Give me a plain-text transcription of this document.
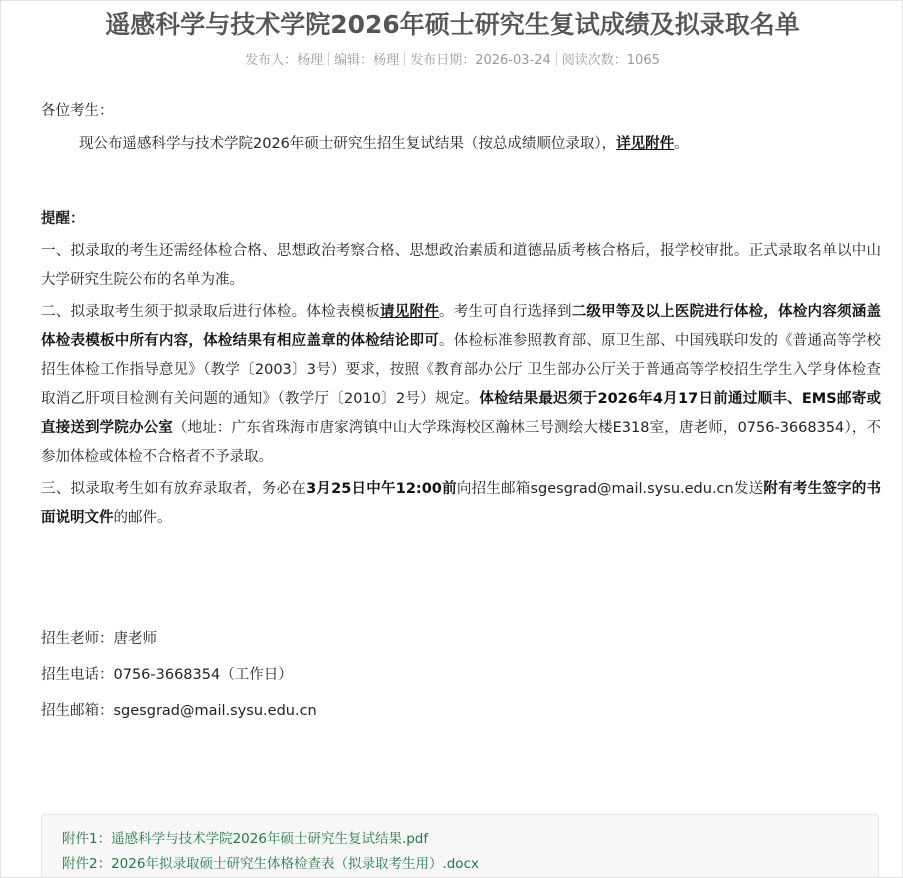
遥感科学与技术学院2026年硕士研究生复试成绩及拟录取名单
发布人：杨理 编辑：杨理 发布日期：2026-03-24 阅读次数：1065

各位考生：

现公布遥感科学与技术学院2026年硕士研究生招生复试结果（按总成绩顺位录取），详见附件。

提醒：

一、拟录取的考生还需经体检合格、思想政治考察合格、思想政治素质和道德品质考核合格后，报学校审批。正式录取名单以中山大学研究生院公布的名单为准。

二、拟录取考生须于拟录取后进行体检。体检表模板请见附件。考生可自行选择到二级甲等及以上医院进行体检，体检内容须涵盖体检表模板中所有内容，体检结果有相应盖章的体检结论即可。体检标准参照教育部、原卫生部、中国残联印发的《普通高等学校招生体检工作指导意见》（教学〔2003〕3号）要求，按照《教育部办公厅 卫生部办公厅关于普通高等学校招生学生入学身体检查取消乙肝项目检测有关问题的通知》（教学厅〔2010〕2号）规定。体检结果最迟须于2026年4月17日前通过顺丰、EMS邮寄或直接送到学院办公室（地址：广东省珠海市唐家湾镇中山大学珠海校区瀚林三号测绘大楼E318室，唐老师，0756-3668354），不参加体检或体检不合格者不予录取。

三、拟录取考生如有放弃录取者，务必在3月25日中午12:00前向招生邮箱sgesgrad@mail.sysu.edu.cn发送附有考生签字的书面说明文件的邮件。

招生老师：唐老师
招生电话：0756-3668354（工作日）
招生邮箱：sgesgrad@mail.sysu.edu.cn
附件1：遥感科学与技术学院2026年硕士研究生复试结果.pdf
附件2：2026年拟录取硕士研究生体格检查表（拟录取考生用）.docx
